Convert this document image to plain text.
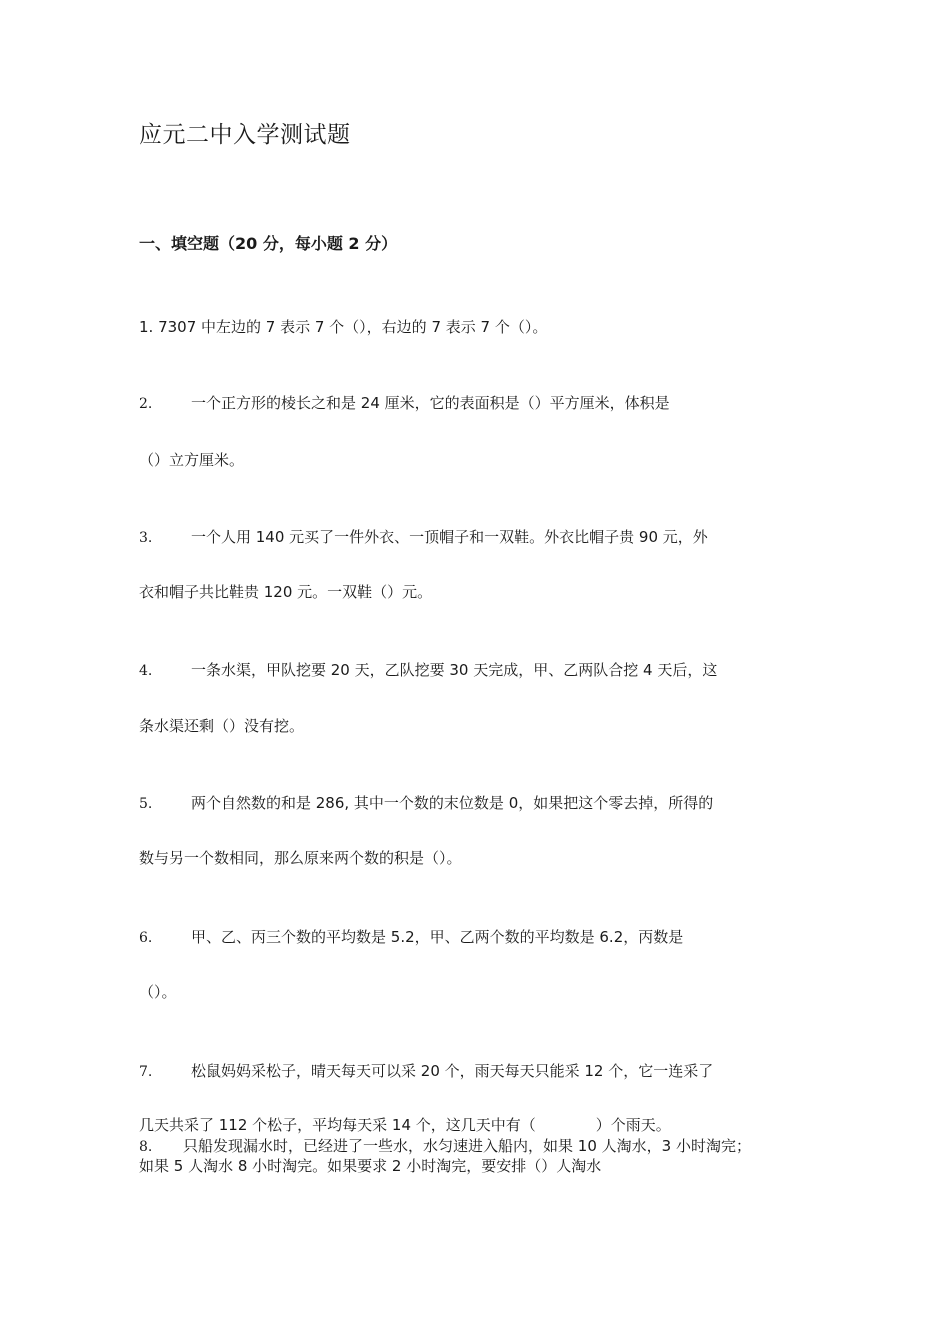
应元二中入学测试题
一、填空题（20 分，每小题 2 分）
1. 7307 中左边的 7 表示 7 个（），右边的 7 表示 7 个（）。
2.	一个正方形的棱长之和是 24 厘米，它的表面积是（）平方厘米，体积是
（）立方厘米。
3.	一个人用 140 元买了一件外衣、一顶帽子和一双鞋。外衣比帽子贵 90 元，外
衣和帽子共比鞋贵 120 元。一双鞋（）元。
4.	一条水渠，甲队挖要 20 天，乙队挖要 30 天完成，甲、乙两队合挖 4 天后，这
条水渠还剩（）没有挖。
5.	两个自然数的和是 286, 其中一个数的末位数是 0，如果把这个零去掉，所得的
数与另一个数相同，那么原来两个数的积是（）。
6.	甲、乙、丙三个数的平均数是 5.2，甲、乙两个数的平均数是 6.2，丙数是
（）。
7.	松鼠妈妈采松子，晴天每天可以采 20 个，雨天每天只能采 12 个，它一连采了
几天共采了 112 个松子，平均每天采 14 个，这几天中有（　　　　）个雨天。
8. 只船发现漏水时，已经进了一些水，水匀速进入船内，如果 10 人淘水，3 小时淘完；
如果 5 人淘水 8 小时淘完。如果要求 2 小时淘完，要安排（）人淘水
